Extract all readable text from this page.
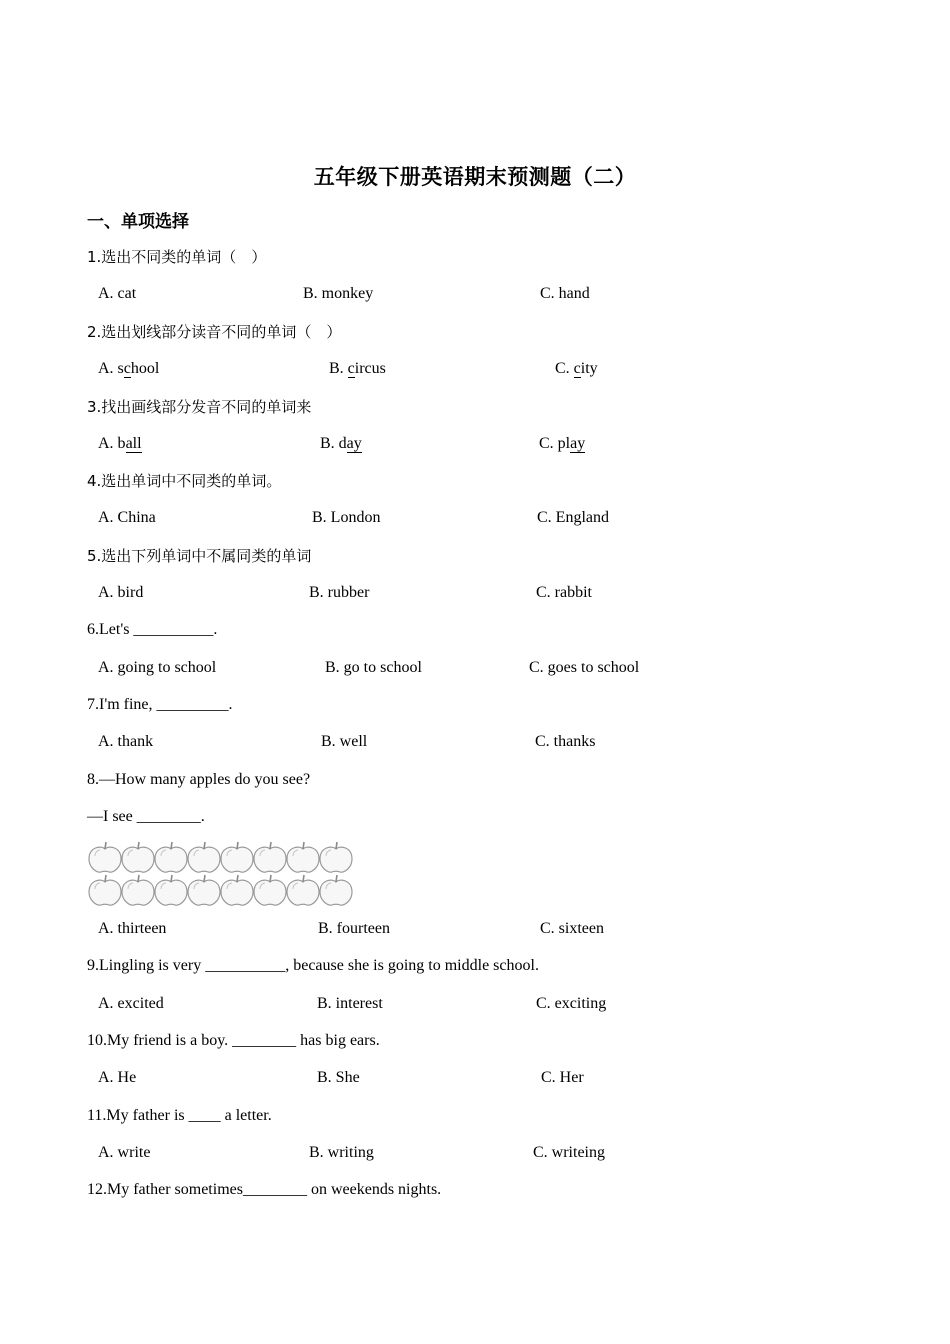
五年级下册英语期末预测题（二）
一、单项选择
1.选出不同类的单词（　）
A. cat	B. monkey	C. hand
2.选出划线部分读音不同的单词（　）
A. school	B. circus	C. city
3.找出画线部分发音不同的单词来
A. ball	B. day	C. play
4.选出单词中不同类的单词。
A. China	B. London	C. England
5.选出下列单词中不属同类的单词
A. bird	B. rubber	C. rabbit
6.Let's __________.
A. going to school	B. go to school	C. goes to school
7.I'm fine, _________.
A. thank	B. well	C. thanks
8.—How many apples do you see?
—I see ________.
A. thirteen	B. fourteen	C. sixteen
9.Lingling is very __________, because she is going to middle school.
A. excited	B. interest	C. exciting
10.My friend is a boy. ________ has big ears.
A. He	B. She	C. Her
11.My father is ____ a letter.
A. write	B. writing	C. writeing
12.My father sometimes________ on weekends nights.
